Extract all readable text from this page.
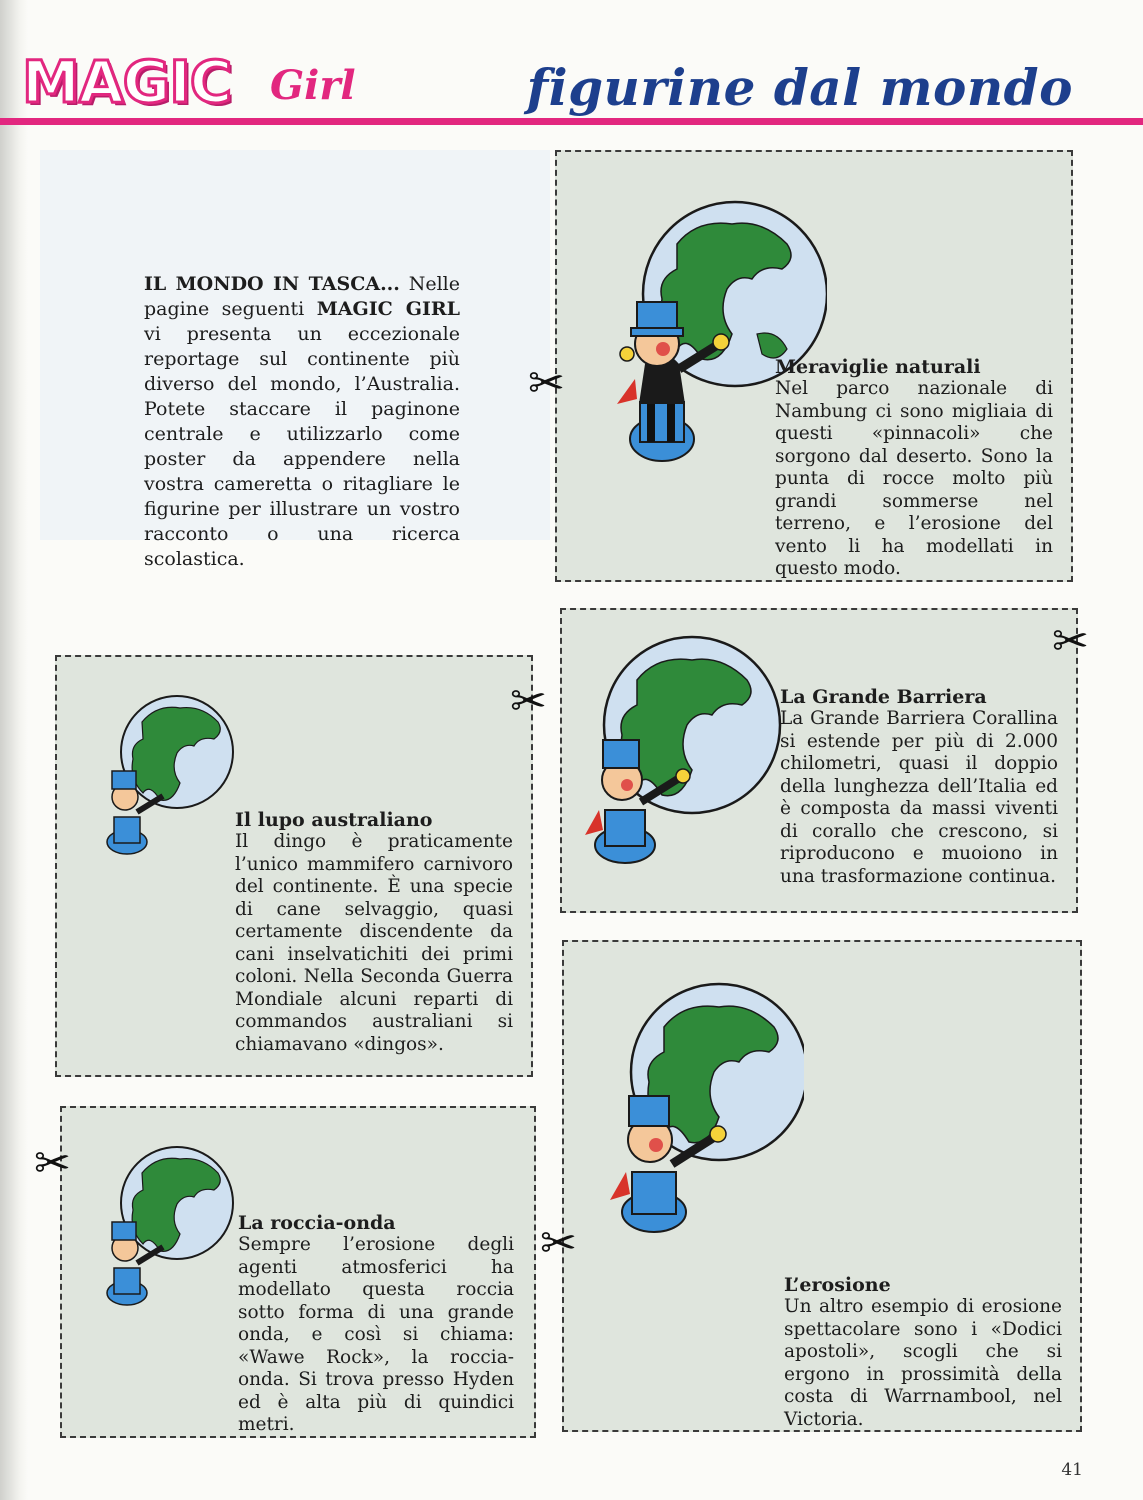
MAGIC Girl	figurine dal mondo
IL MONDO IN TASCA... Nelle pagine seguenti MAGIC GIRL vi presenta un eccezionale reportage sul continente più diverso del mondo, l’Australia. Potete staccare il paginone centrale e utilizzarlo come poster da appendere nella vostra cameretta o ritagliare le figurine per illustrare un vostro racconto o una ricerca scolastica.
Meraviglie naturali
Nel parco nazionale di Nambung ci sono migliaia di questi «pinnacoli» che sorgono dal deserto. Sono la punta di rocce molto più grandi sommerse nel terreno, e l’erosione del vento li ha modellati in questo modo.
La Grande Barriera
La Grande Barriera Corallina si estende per più di 2.000 chilometri, quasi il doppio della lunghezza dell’Italia ed è composta da massi viventi di corallo che crescono, si riproducono e muoiono in una trasformazione continua.
Il lupo australiano
Il dingo è praticamente l’unico mammifero carnivoro del continente. È una specie di cane selvaggio, quasi certamente discendente da cani inselvatichiti dei primi coloni. Nella Seconda Guerra Mondiale alcuni reparti di commandos australiani si chiamavano «dingos».
La roccia-onda
Sempre l’erosione degli agenti atmosferici ha modellato questa roccia sotto forma di una grande onda, e così si chiama: «Wawe Rock», la roccia-onda. Si trova presso Hyden ed è alta più di quindici metri.
L’erosione
Un altro esempio di erosione spettacolare sono i «Dodici apostoli», scogli che si ergono in prossimità della costa di Warrnambool, nel Victoria.
✂
✂
✂
✂
✂
41
